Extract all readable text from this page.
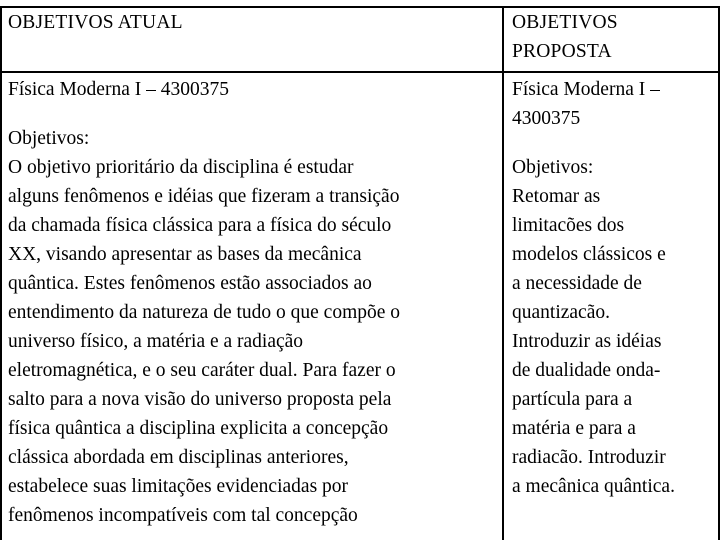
OBJETIVOS ATUAL	OBJETIVOS
PROPOSTA
Física Moderna I – 4300375
Objetivos:
O objetivo prioritário da disciplina é estudar
alguns fenômenos e idéias que fizeram a transição
da chamada física clássica para a física do século
XX, visando apresentar as bases da mecânica
quântica. Estes fenômenos estão associados ao
entendimento da natureza de tudo o que compõe o
universo físico, a matéria e a radiação
eletromagnética, e o seu caráter dual. Para fazer o
salto para a nova visão do universo proposta pela
física quântica a disciplina explicita a concepção
clássica abordada em disciplinas anteriores,
estabelece suas limitações evidenciadas por
fenômenos incompatíveis com tal concepção
Física Moderna I –
4300375
Objetivos:
Retomar as
limitacões dos
modelos clássicos e
a necessidade de
quantizacão.
Introduzir as idéias
de dualidade onda-
partícula para a
matéria e para a
radiacão. Introduzir
a mecânica quântica.
